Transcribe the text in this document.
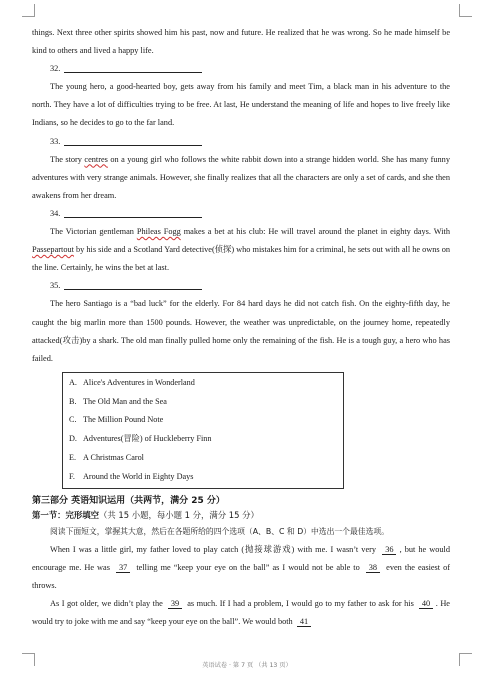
things. Next three other spirits showed him his past, now and future. He realized that he was wrong. So he made himself be kind to others and lived a happy life.

32.

The young hero, a good-hearted boy, gets away from his family and meet Tim, a black man in his adventure to the north. They have a lot of difficulties trying to be free. At last, He understand the meaning of life and hopes to live freely like Indians, so he decides to go to the far land.

33.

The story centres on a young girl who follows the white rabbit down into a strange hidden world. She has many funny adventures with very strange animals. However, she finally realizes that all the characters are only a set of cards, and she then awakens from her dream.

34.

The Victorian gentleman Phileas Fogg makes a bet at his club: He will travel around the planet in eighty days. With Passepartout by his side and a Scotland Yard detective(侦探) who mistakes him for a criminal, he sets out with all he owns on the line. Certainly, he wins the bet at last.

35.

The hero Santiago is a “bad luck” for the elderly. For 84 hard days he did not catch fish. On the eighty-fifth day, he caught the big marlin more than 1500 pounds. However, the weather was unpredictable, on the journey home, repeatedly attacked(攻击)by a shark. The old man finally pulled home only the remaining of the fish. He is a tough guy, a hero who has failed.

A. Alice's Adventures in Wonderland
B. The Old Man and the Sea
C. The Million Pound Note
D. Adventures(冒险) of Huckleberry Finn
E. A Christmas Carol
F. Around the World in Eighty Days
第三部分 英语知识运用（共两节，满分 25 分）
第一节：完形填空（共 15 小题，每小题 1 分，满分 15 分）

阅读下面短文，掌握其大意，然后在各题所给的四个选项（A、B、C 和 D）中选出一个最佳选项。

When I was a little girl, my father loved to play catch (抛接球游戏) with me. I wasn’t very  36 , but he would encourage me. He was  37  telling me “keep your eye on the ball” as I would not be able to  38  even the easiest of throws.

As I got older, we didn’t play the  39  as much. If I had a problem, I would go to my father to ask for his  40 . He would try to joke with me and say “keep your eye on the ball”. We would both  41

英语试卷 · 第 7 页 （共 13 页）
